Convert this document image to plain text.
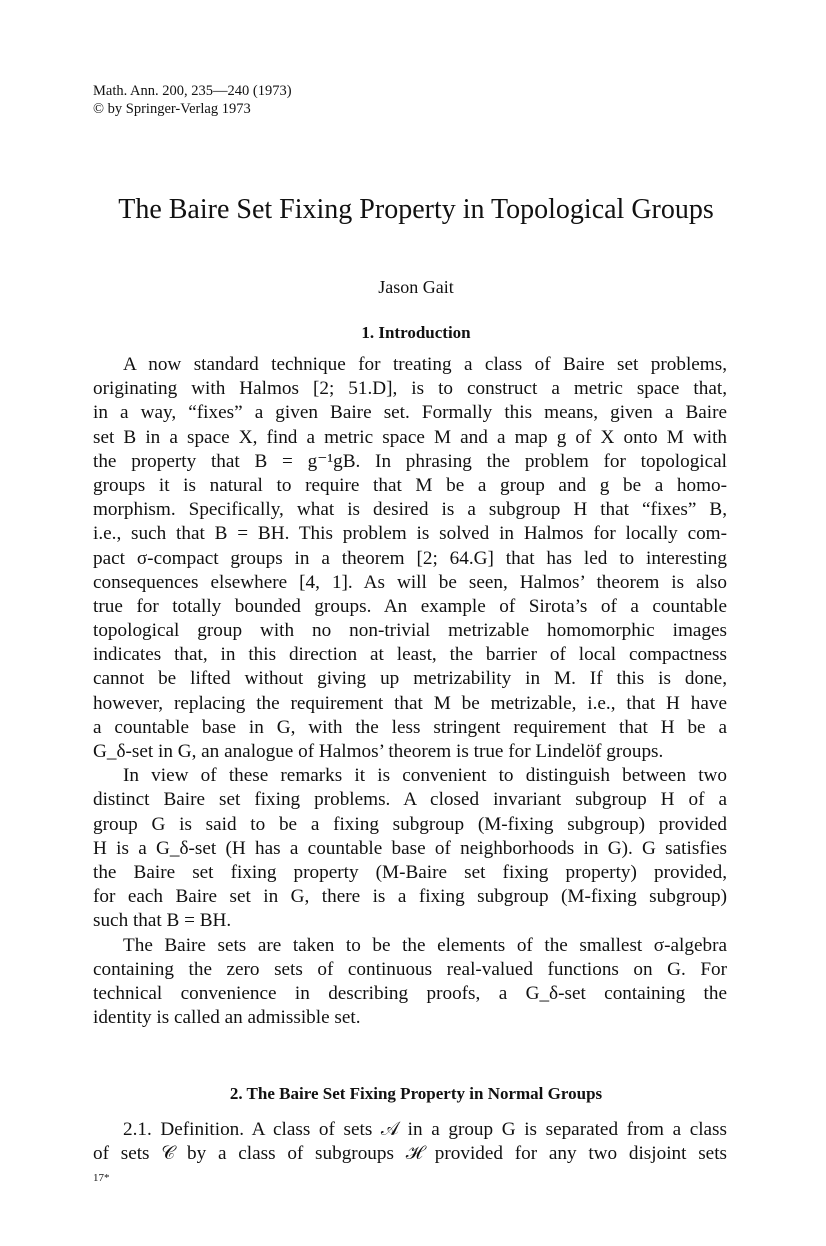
Math. Ann. 200, 235—240 (1973)
© by Springer-Verlag 1973
The Baire Set Fixing Property in Topological Groups
Jason Gait
1. Introduction
A now standard technique for treating a class of Baire set problems,
originating with Halmos [2; 51.D], is to construct a metric space that,
in a way, “fixes” a given Baire set. Formally this means, given a Baire
set B in a space X, find a metric space M and a map g of X onto M with
the property that B = g⁻¹gB. In phrasing the problem for topological
groups it is natural to require that M be a group and g be a homo-
morphism. Specifically, what is desired is a subgroup H that “fixes” B,
i.e., such that B = BH. This problem is solved in Halmos for locally com-
pact σ-compact groups in a theorem [2; 64.G] that has led to interesting
consequences elsewhere [4, 1]. As will be seen, Halmos’ theorem is also
true for totally bounded groups. An example of Sirota’s of a countable
topological group with no non-trivial metrizable homomorphic images
indicates that, in this direction at least, the barrier of local compactness
cannot be lifted without giving up metrizability in M. If this is done,
however, replacing the requirement that M be metrizable, i.e., that H have
a countable base in G, with the less stringent requirement that H be a
G_δ-set in G, an analogue of Halmos’ theorem is true for Lindelöf groups.
In view of these remarks it is convenient to distinguish between two
distinct Baire set fixing problems. A closed invariant subgroup H of a
group G is said to be a fixing subgroup (M-fixing subgroup) provided
H is a G_δ-set (H has a countable base of neighborhoods in G). G satisfies
the Baire set fixing property (M-Baire set fixing property) provided,
for each Baire set in G, there is a fixing subgroup (M-fixing subgroup)
such that B = BH.
The Baire sets are taken to be the elements of the smallest σ-algebra
containing the zero sets of continuous real-valued functions on G. For
technical convenience in describing proofs, a G_δ-set containing the
identity is called an admissible set.
2. The Baire Set Fixing Property in Normal Groups
2.1. Definition. A class of sets 𝒜 in a group G is separated from a class
of sets 𝒞 by a class of subgroups ℋ provided for any two disjoint sets
17*
